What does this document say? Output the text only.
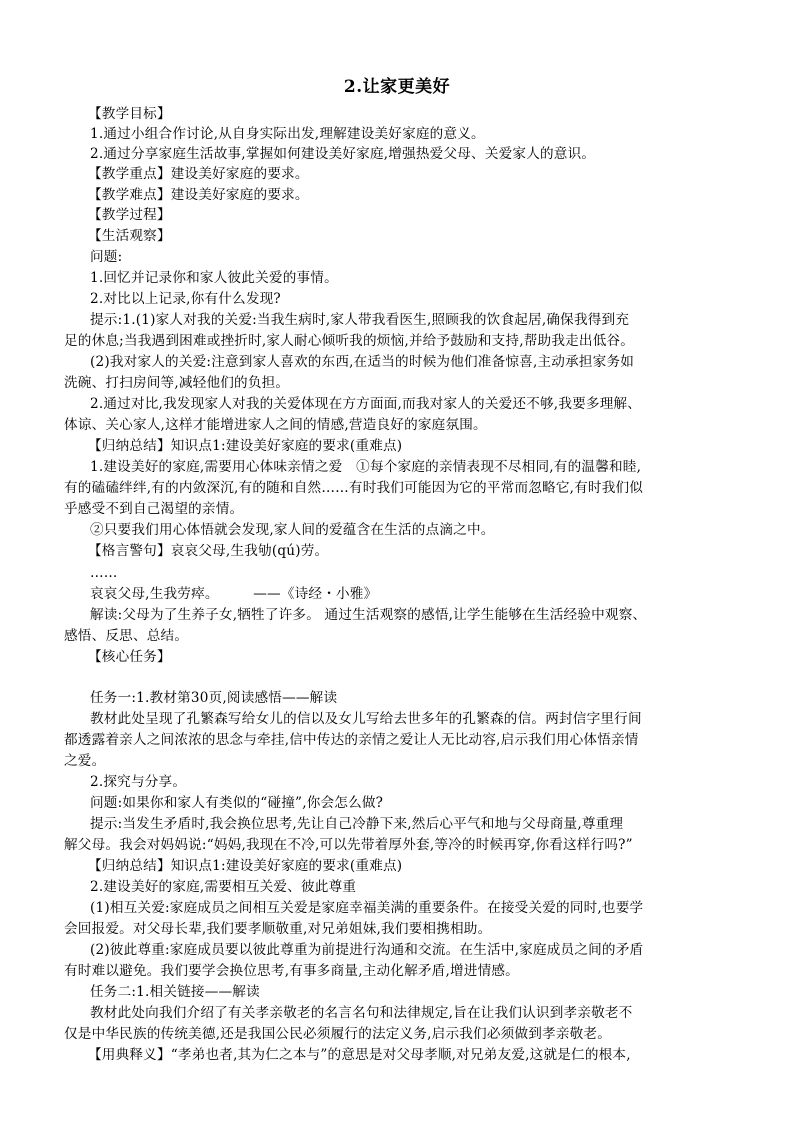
2.让家更美好
【教学目标】
1.通过小组合作讨论,从自身实际出发,理解建设美好家庭的意义。
2.通过分享家庭生活故事,掌握如何建设美好家庭,增强热爱父母、关爱家人的意识。
【教学重点】建设美好家庭的要求。
【教学难点】建设美好家庭的要求。
【教学过程】
【生活观察】
问题:
1.回忆并记录你和家人彼此关爱的事情。
2.对比以上记录,你有什么发现?
提示:1.(1)家人对我的关爱:当我生病时,家人带我看医生,照顾我的饮食起居,确保我得到充
足的休息;当我遇到困难或挫折时,家人耐心倾听我的烦恼,并给予鼓励和支持,帮助我走出低谷。
(2)我对家人的关爱:注意到家人喜欢的东西,在适当的时候为他们准备惊喜,主动承担家务如
洗碗、打扫房间等,减轻他们的负担。
2.通过对比,我发现家人对我的关爱体现在方方面面,而我对家人的关爱还不够,我要多理解、
体谅、关心家人,这样才能增进家人之间的情感,营造良好的家庭氛围。
【归纳总结】知识点1:建设美好家庭的要求(重难点)
1.建设美好的家庭,需要用心体味亲情之爱　①每个家庭的亲情表现不尽相同,有的温馨和睦,
有的磕磕绊绊,有的内敛深沉,有的随和自然……有时我们可能因为它的平常而忽略它,有时我们似
乎感受不到自己渴望的亲情。
②只要我们用心体悟就会发现,家人间的爱蕴含在生活的点滴之中。
【格言警句】哀哀父母,生我劬(qú)劳。
……
哀哀父母,生我劳瘁。　　　——《诗经・小雅》
解读:父母为了生养子女,牺牲了许多。 通过生活观察的感悟,让学生能够在生活经验中观察、
感悟、反思、总结。
【核心任务】
任务一:1.教材第30页,阅读感悟——解读
教材此处呈现了孔繁森写给女儿的信以及女儿写给去世多年的孔繁森的信。两封信字里行间
都透露着亲人之间浓浓的思念与牵挂,信中传达的亲情之爱让人无比动容,启示我们用心体悟亲情
之爱。
2.探究与分享。
问题:如果你和家人有类似的“碰撞”,你会怎么做?
提示:当发生矛盾时,我会换位思考,先让自己冷静下来,然后心平气和地与父母商量,尊重理
解父母。我会对妈妈说:“妈妈,我现在不冷,可以先带着厚外套,等冷的时候再穿,你看这样行吗?”
【归纳总结】知识点1:建设美好家庭的要求(重难点)
2.建设美好的家庭,需要相互关爱、彼此尊重
(1)相互关爱:家庭成员之间相互关爱是家庭幸福美满的重要条件。在接受关爱的同时,也要学
会回报爱。对父母长辈,我们要孝顺敬重,对兄弟姐妹,我们要相携相助。
(2)彼此尊重:家庭成员要以彼此尊重为前提进行沟通和交流。在生活中,家庭成员之间的矛盾
有时难以避免。我们要学会换位思考,有事多商量,主动化解矛盾,增进情感。
任务二:1.相关链接——解读
教材此处向我们介绍了有关孝亲敬老的名言名句和法律规定,旨在让我们认识到孝亲敬老不
仅是中华民族的传统美德,还是我国公民必须履行的法定义务,启示我们必须做到孝亲敬老。
【用典释义】“孝弟也者,其为仁之本与”的意思是对父母孝顺,对兄弟友爱,这就是仁的根本,
